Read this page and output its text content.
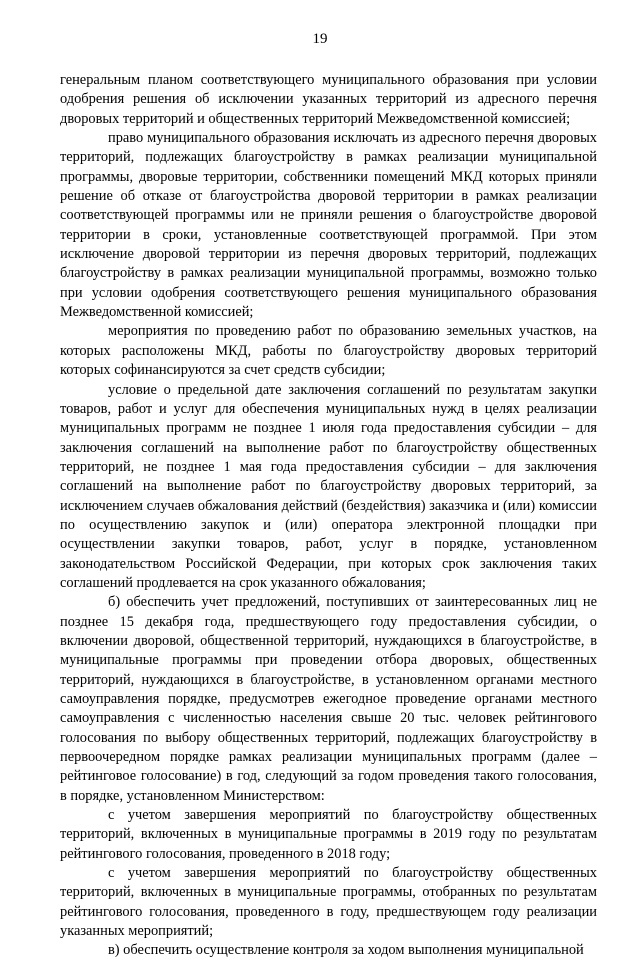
19

генеральным планом соответствующего муниципального образования при условии одобрения решения об исключении указанных территорий из адресного перечня дворовых территорий и общественных территорий Межведомственной комиссией;

право муниципального образования исключать из адресного перечня дворовых территорий, подлежащих благоустройству в рамках реализации муниципальной программы, дворовые территории, собственники помещений МКД которых приняли решение об отказе от благоустройства дворовой территории в рамках реализации соответствующей программы или не приняли решения о благоустройстве дворовой территории в сроки, установленные соответствующей программой. При этом исключение дворовой территории из перечня дворовых территорий, подлежащих благоустройству в рамках реализации муниципальной программы, возможно только при условии одобрения соответствующего решения муниципального образования Межведомственной комиссией;

мероприятия по проведению работ по образованию земельных участков, на которых расположены МКД, работы по благоустройству дворовых территорий которых софинансируются за счет средств субсидии;

условие о предельной дате заключения соглашений по результатам закупки товаров, работ и услуг для обеспечения муниципальных нужд в целях реализации муниципальных программ не позднее 1 июля года предоставления субсидии – для заключения соглашений на выполнение работ по благоустройству общественных территорий, не позднее 1 мая года предоставления субсидии – для заключения соглашений на выполнение работ по благоустройству дворовых территорий, за исключением случаев обжалования действий (бездействия) заказчика и (или) комиссии по осуществлению закупок и (или) оператора электронной площадки при осуществлении закупки товаров, работ, услуг в порядке, установленном законодательством Российской Федерации, при которых срок заключения таких соглашений продлевается на срок указанного обжалования;

б) обеспечить учет предложений, поступивших от заинтересованных лиц не позднее 15 декабря года, предшествующего году предоставления субсидии, о включении дворовой, общественной территорий, нуждающихся в благоустройстве, в муниципальные программы при проведении отбора дворовых, общественных территорий, нуждающихся в благоустройстве, в установленном органами местного самоуправления порядке, предусмотрев ежегодное проведение органами местного самоуправления с численностью населения свыше 20 тыс. человек рейтингового голосования по выбору общественных территорий, подлежащих благоустройству в первоочередном порядке рамках реализации муниципальных программ (далее – рейтинговое голосование) в год, следующий за годом проведения такого голосования, в порядке, установленном Министерством:

с учетом завершения мероприятий по благоустройству общественных территорий, включенных в муниципальные программы в 2019 году по результатам рейтингового голосования, проведенного в 2018 году;

с учетом завершения мероприятий по благоустройству общественных территорий, включенных в муниципальные программы, отобранных по результатам рейтингового голосования, проведенного в году, предшествующем году реализации указанных мероприятий;

в) обеспечить осуществление контроля за ходом выполнения муниципальной
